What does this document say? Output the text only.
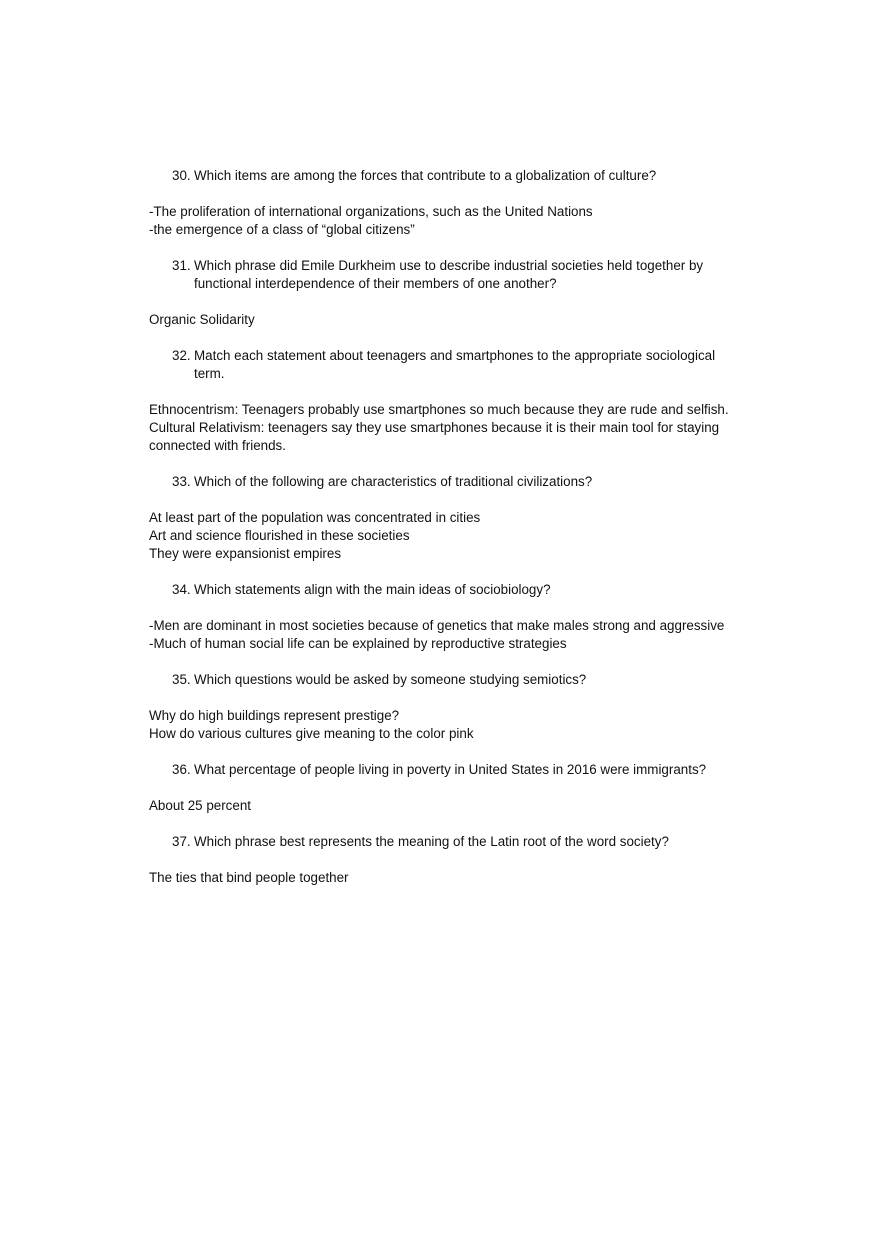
30. Which items are among the forces that contribute to a globalization of culture?
-The proliferation of international organizations, such as the United Nations
-the emergence of a class of “global citizens”
31. Which phrase did Emile Durkheim use to describe industrial societies held together by functional interdependence of their members of one another?
Organic Solidarity
32. Match each statement about teenagers and smartphones to the appropriate sociological term.
Ethnocentrism: Teenagers probably use smartphones so much because they are rude and selfish.
Cultural Relativism: teenagers say they use smartphones because it is their main tool for staying connected with friends.
33. Which of the following are characteristics of traditional civilizations?
At least part of the population was concentrated in cities
Art and science flourished in these societies
They were expansionist empires
34. Which statements align with the main ideas of sociobiology?
-Men are dominant in most societies because of genetics that make males strong and aggressive
-Much of human social life can be explained by reproductive strategies
35. Which questions would be asked by someone studying semiotics?
Why do high buildings represent prestige?
How do various cultures give meaning to the color pink
36. What percentage of people living in poverty in United States in 2016 were immigrants?
About 25 percent
37. Which phrase best represents the meaning of the Latin root of the word society?
The ties that bind people together
